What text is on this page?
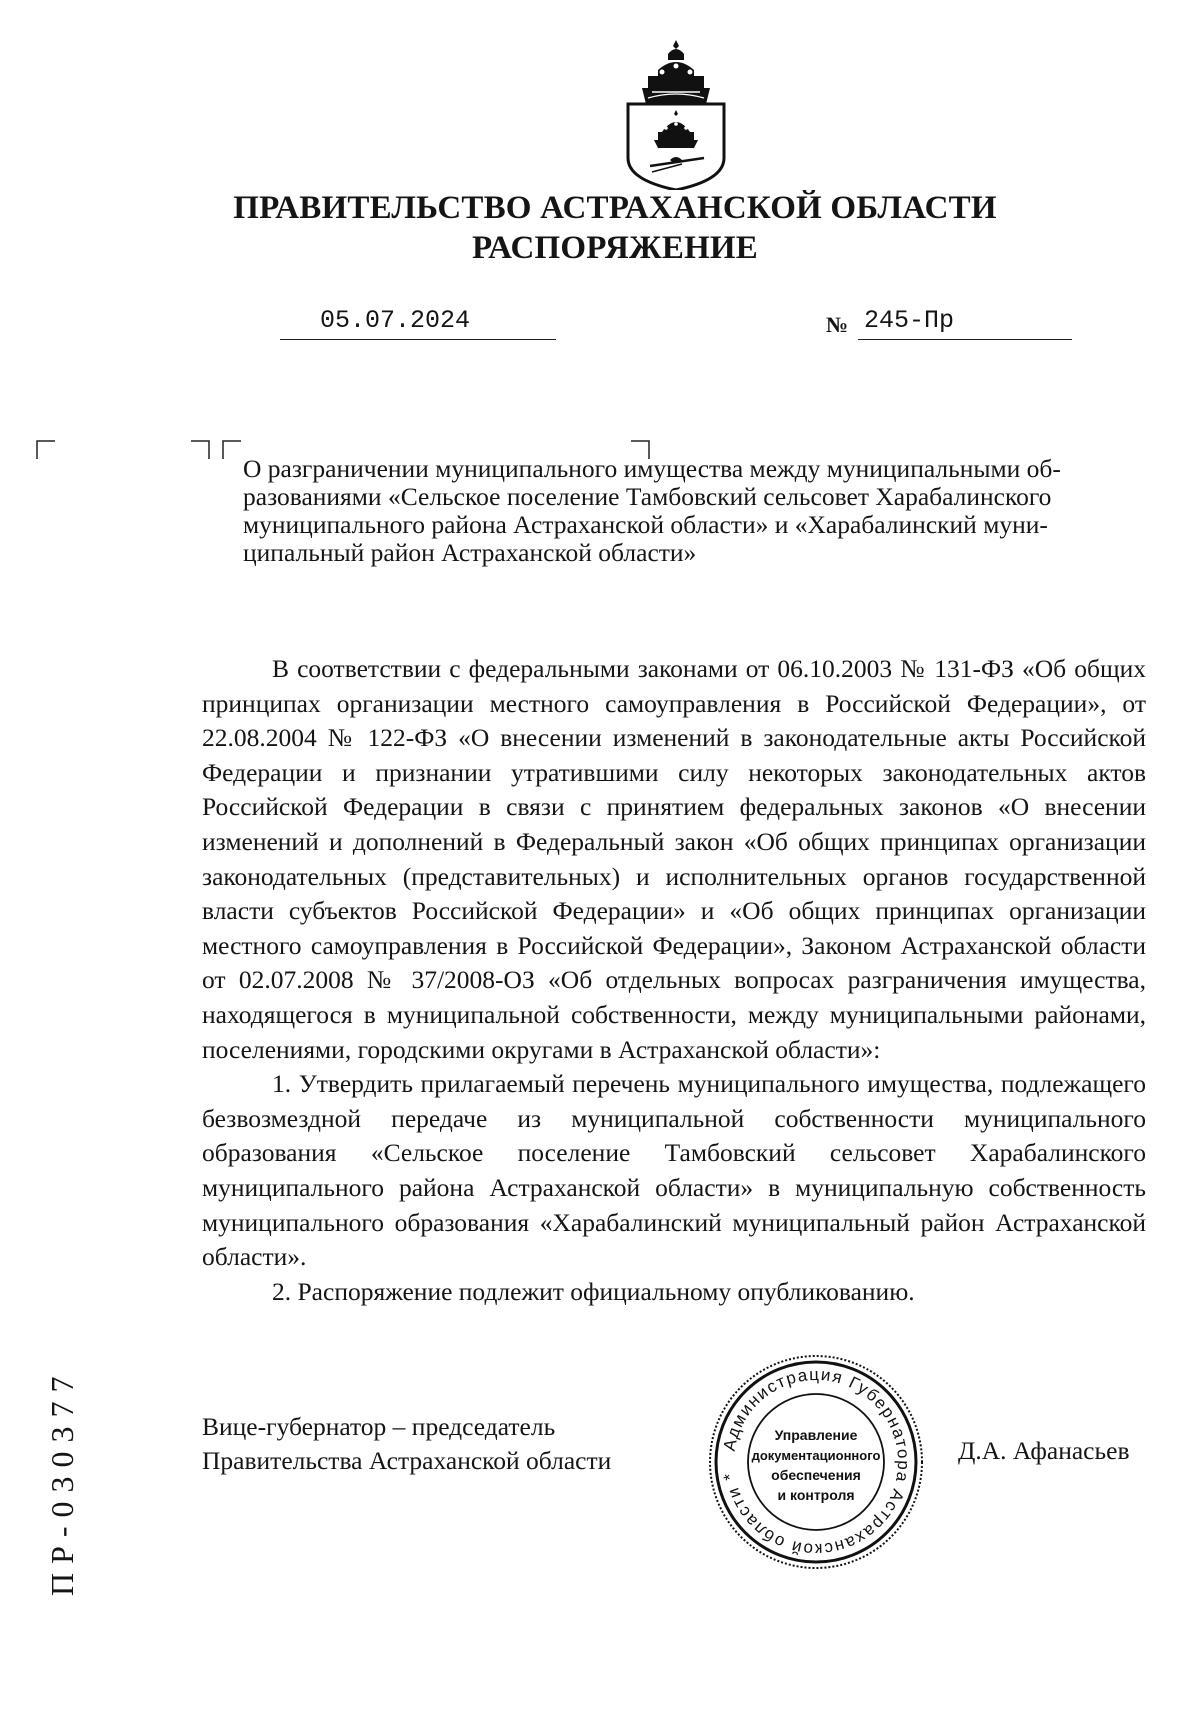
ПРАВИТЕЛЬСТВО АСТРАХАНСКОЙ ОБЛАСТИ
РАСПОРЯЖЕНИЕ
05.07.2024	№ 245-Пр
О разграничении муниципального имущества между муниципальными об-
разованиями «Сельское поселение Тамбовский сельсовет Харабалинского
муниципального района Астраханской области» и «Харабалинский муни-
ципальный район Астраханской области»

В соответствии с федеральными законами от 06.10.2003 № 131-ФЗ «Об общих принципах организации местного самоуправления в Российской Федерации», от 22.08.2004 № 122-ФЗ «О внесении изменений в законодательные акты Российской Федерации и признании утратившими силу некоторых законодательных актов Российской Федерации в связи с принятием федеральных законов «О внесении изменений и дополнений в Федеральный закон «Об общих принципах организации законодательных (представительных) и исполнительных органов государственной власти субъектов Российской Федерации» и «Об общих принципах организации местного самоуправления в Российской Федерации», Законом Астраханской области от 02.07.2008 № 37/2008-ОЗ «Об отдельных вопросах разграничения имущества, находящегося в муниципальной собственности, между муниципальными районами, поселениями, городскими округами в Астраханской области»:

1. Утвердить прилагаемый перечень муниципального имущества, подлежащего безвозмездной передаче из муниципальной собственности муниципального образования «Сельское поселение Тамбовский сельсовет Харабалинского муниципального района Астраханской области» в муниципальную собственность муниципального образования «Харабалинский муниципальный район Астраханской области».

2. Распоряжение подлежит официальному опубликованию.

Вице-губернатор – председатель
Правительства Астраханской области
Администрация Губернатора Астраханской области *
Управление
документационного
обеспечения
и контроля
Д.А. Афанасьев
ПР-030377
